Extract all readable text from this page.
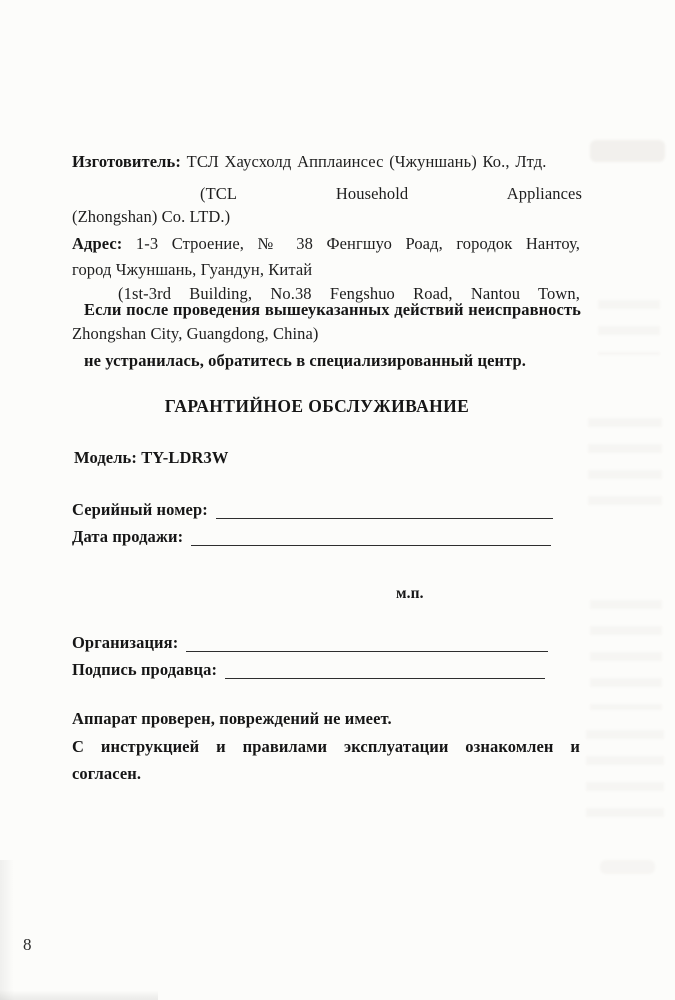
Изготовитель: ТСЛ Хаусхолд Апплаинсес (Чжуншань) Ко., Лтд.
(TCL Household Appliances
(Zhongshan) Co. LTD.)
Адрес: 1-3 Строение, № 38 Фенгшуо Роад, городок Нантоу,
город Чжуншань, Гуандун, Китай
(1st-3rd Building, No.38 Fengshuo Road, Nantou Town,
Если после проведения вышеуказанных действий неисправность
Zhongshan City, Guangdong, China)
не устранилась, обратитесь в специализированный центр.
ГАРАНТИЙНОЕ ОБСЛУЖИВАНИЕ
Модель: TY-LDR3W
Серийный номер:
Дата продажи:
м.п.
Организация:
Подпись продавца:
Аппарат проверен, повреждений не имеет.
С инструкцией и правилами эксплуатации ознакомлен и
согласен.
8
